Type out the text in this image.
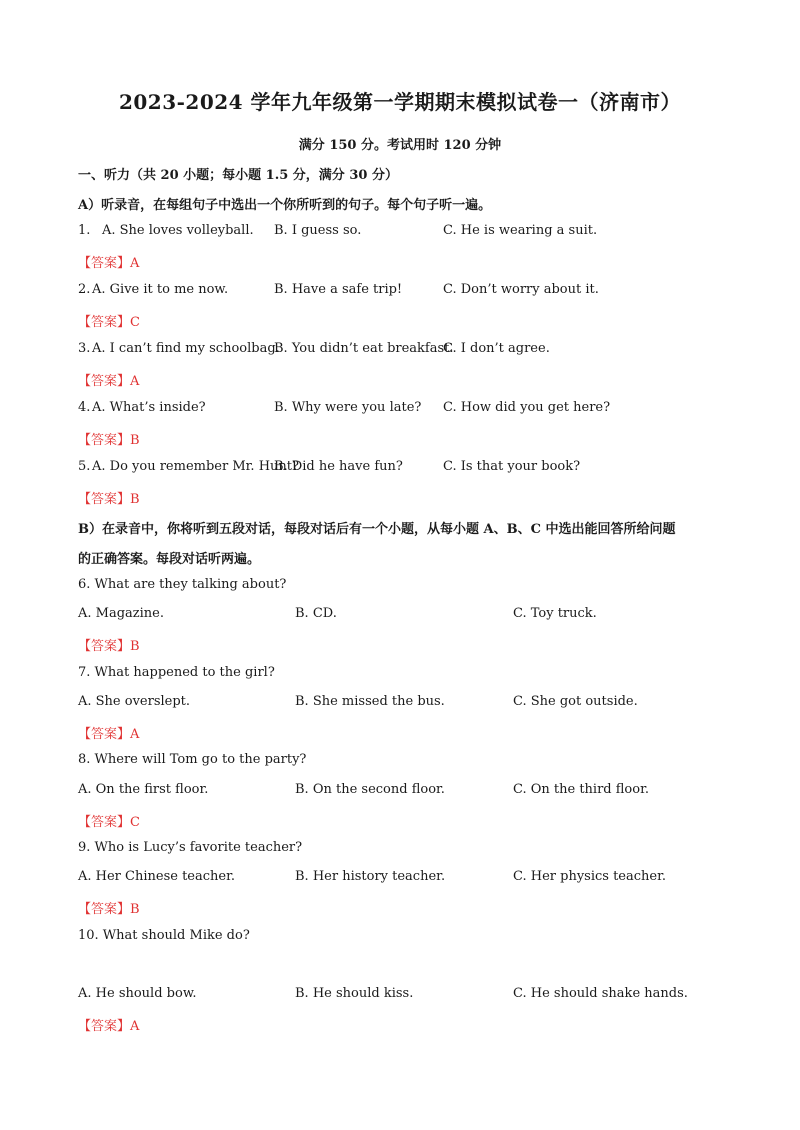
2023-2024 学年九年级第一学期期末模拟试卷一（济南市）
满分 150 分。考试用时 120 分钟
一、听力（共 20 小题；每小题 1.5 分，满分 30 分）
A）听录音，在每组句子中选出一个你所听到的句子。每个句子听一遍。
1. A. She loves volleyball. B. I guess so.	C. He is wearing a suit.
【答案】A
2. A. Give it to me now.	B. Have a safe trip!	C. Don’t worry about it.
【答案】C
3. A. I can’t find my schoolbag.
B. You didn’t eat breakfast.
C. I don’t agree.
【答案】A
4. A. What’s inside?	B. Why were you late? C. How did you get here?
【答案】B
5. A. Do you remember Mr. Hunt?
B. Did he have fun?	C. Is that your book?
【答案】B
B）在录音中，你将听到五段对话，每段对话后有一个小题，从每小题 A、B、C 中选出能回答所给问题
的正确答案。每段对话听两遍。
6. What are they talking about?
A. Magazine.	B. CD.	C. Toy truck.
【答案】B
7. What happened to the girl?
A. She overslept.	B. She missed the bus.	C. She got outside.
【答案】A
8. Where will Tom go to the party?
A. On the first floor.	B. On the second floor.	C. On the third floor.
【答案】C
9. Who is Lucy’s favorite teacher?
A. Her Chinese teacher.	B. Her history teacher.	C. Her physics teacher.
【答案】B
10. What should Mike do?
A. He should bow.	B. He should kiss.	C. He should shake hands.
【答案】A
